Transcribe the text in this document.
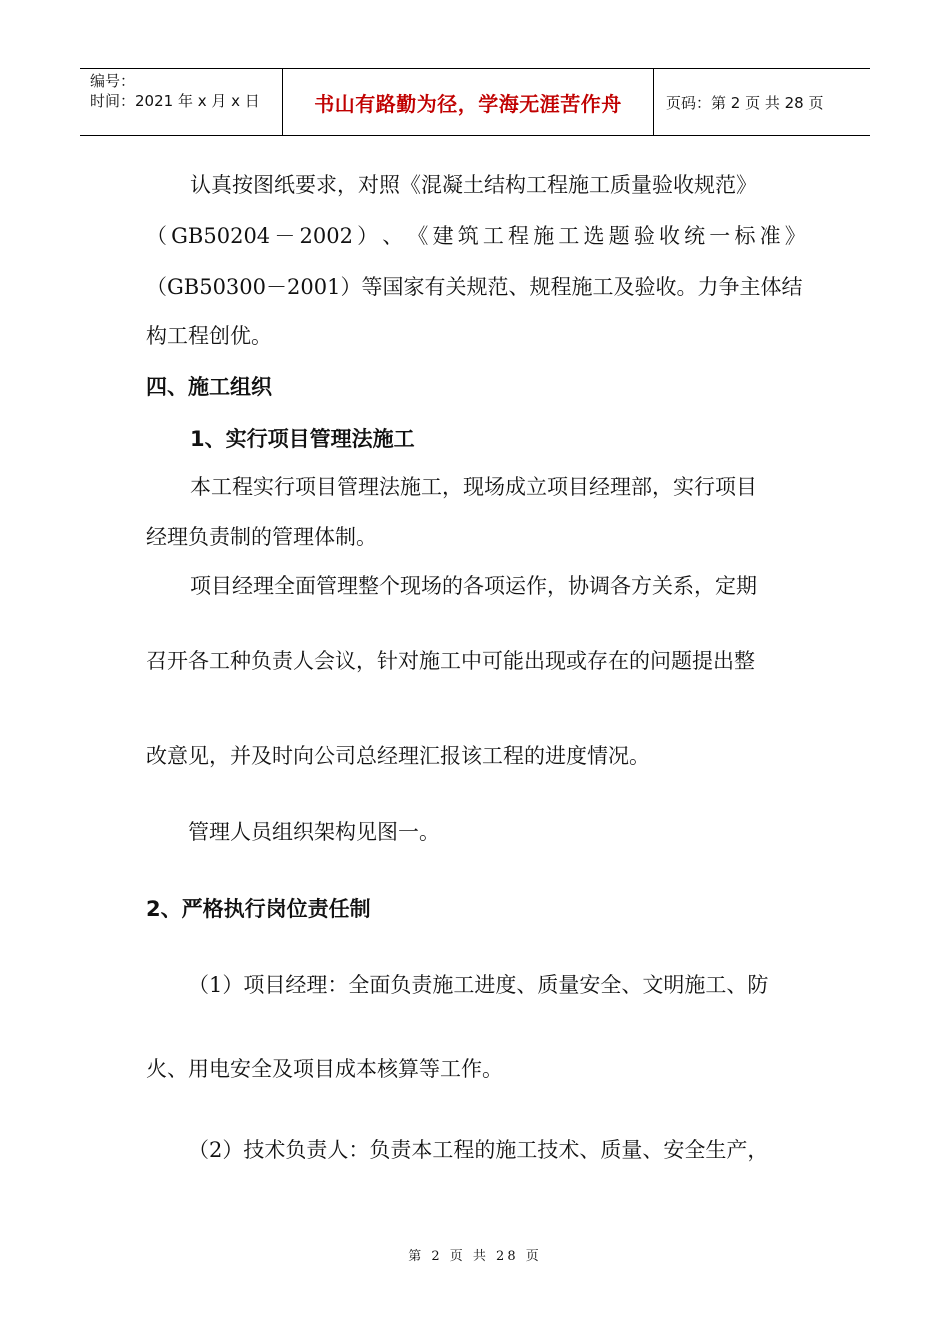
编号：
时间：2021 年 x 月 x 日	书山有路勤为径，学海无涯苦作舟	页码：第 2 页 共 28 页

认真按图纸要求，对照《混凝土结构工程施工质量验收规范》

（ GB50204 － 2002 ） 、 《 建 筑 工 程 施 工 选 题 验 收 统 一 标 准 》

（GB50300－2001）等国家有关规范、规程施工及验收。力争主体结

构工程创优。

四、施工组织

1、实行项目管理法施工

本工程实行项目管理法施工，现场成立项目经理部，实行项目

经理负责制的管理体制。

项目经理全面管理整个现场的各项运作，协调各方关系，定期

召开各工种负责人会议，针对施工中可能出现或存在的问题提出整

改意见，并及时向公司总经理汇报该工程的进度情况。

管理人员组织架构见图一。

2、严格执行岗位责任制

（1）项目经理：全面负责施工进度、质量安全、文明施工、防

火、用电安全及项目成本核算等工作。

（2）技术负责人：负责本工程的施工技术、质量、安全生产，

第 2 页 共 28 页
